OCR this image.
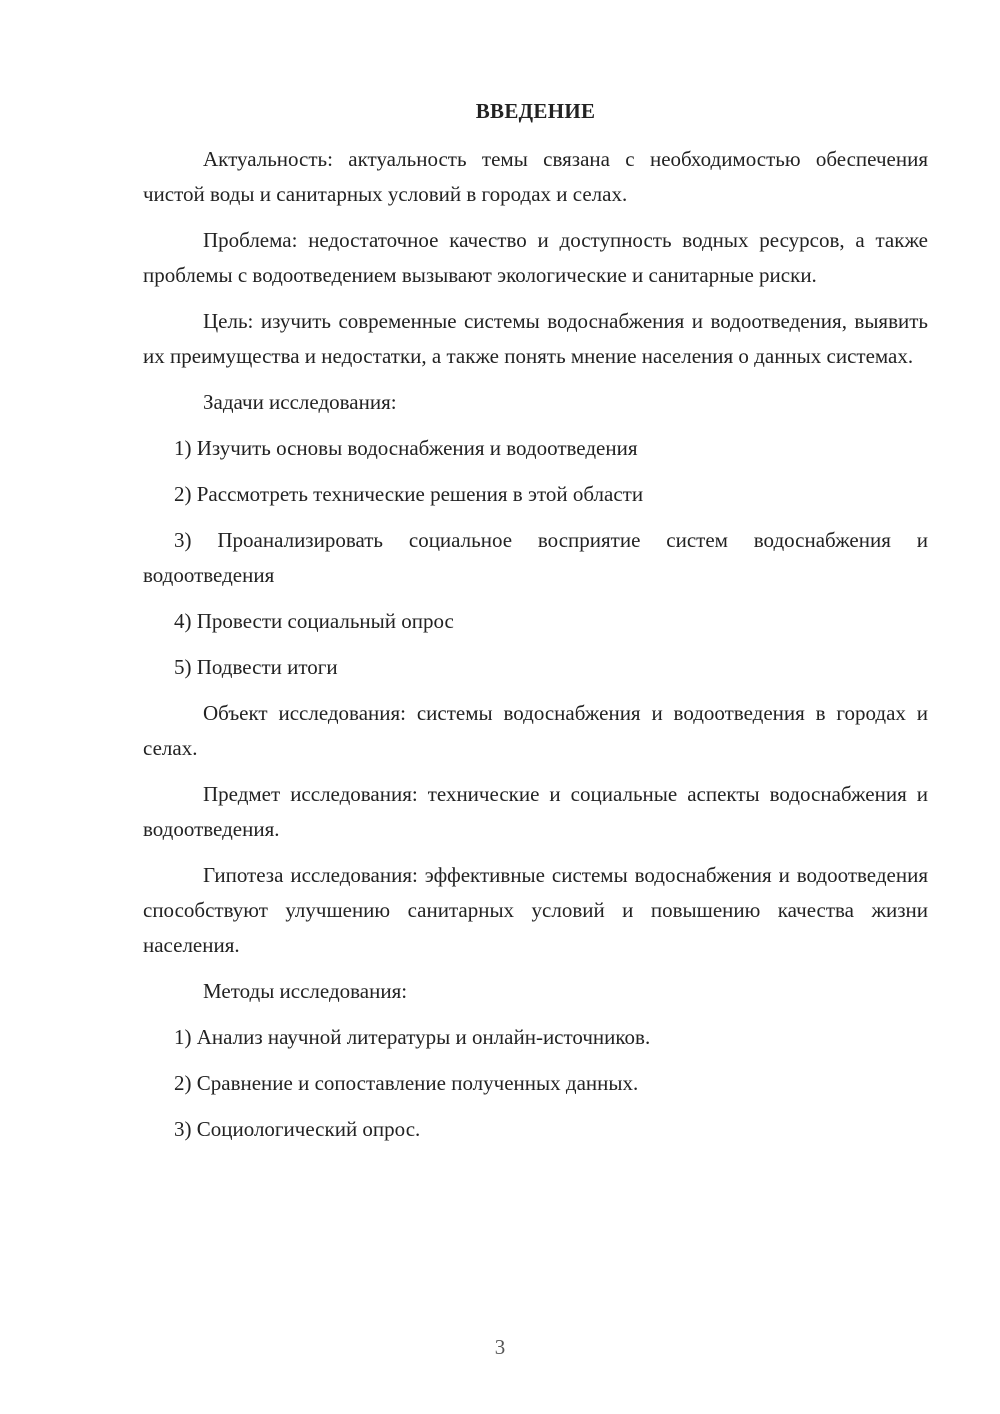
ВВЕДЕНИЕ

Актуальность: актуальность темы связана с необходимостью обеспечения чистой воды и санитарных условий в городах и селах.

Проблема: недостаточное качество и доступность водных ресурсов, а также проблемы с водоотведением вызывают экологические и санитарные риски.

Цель: изучить современные системы водоснабжения и водоотведения, выявить их преимущества и недостатки, а также понять мнение населения о данных системах.

Задачи исследования:

1) Изучить основы водоснабжения и водоотведения

2) Рассмотреть технические решения в этой области

3) Проанализировать социальное восприятие систем водоснабжения и водоотведения

4) Провести социальный опрос

5) Подвести итоги

Объект исследования: системы водоснабжения и водоотведения в городах и селах.

Предмет исследования: технические и социальные аспекты водоснабжения и водоотведения.

Гипотеза исследования: эффективные системы водоснабжения и водоотведения способствуют улучшению санитарных условий и повышению качества жизни населения.

Методы исследования:

1) Анализ научной литературы и онлайн-источников.

2) Сравнение и сопоставление полученных данных.

3) Социологический опрос.

3
